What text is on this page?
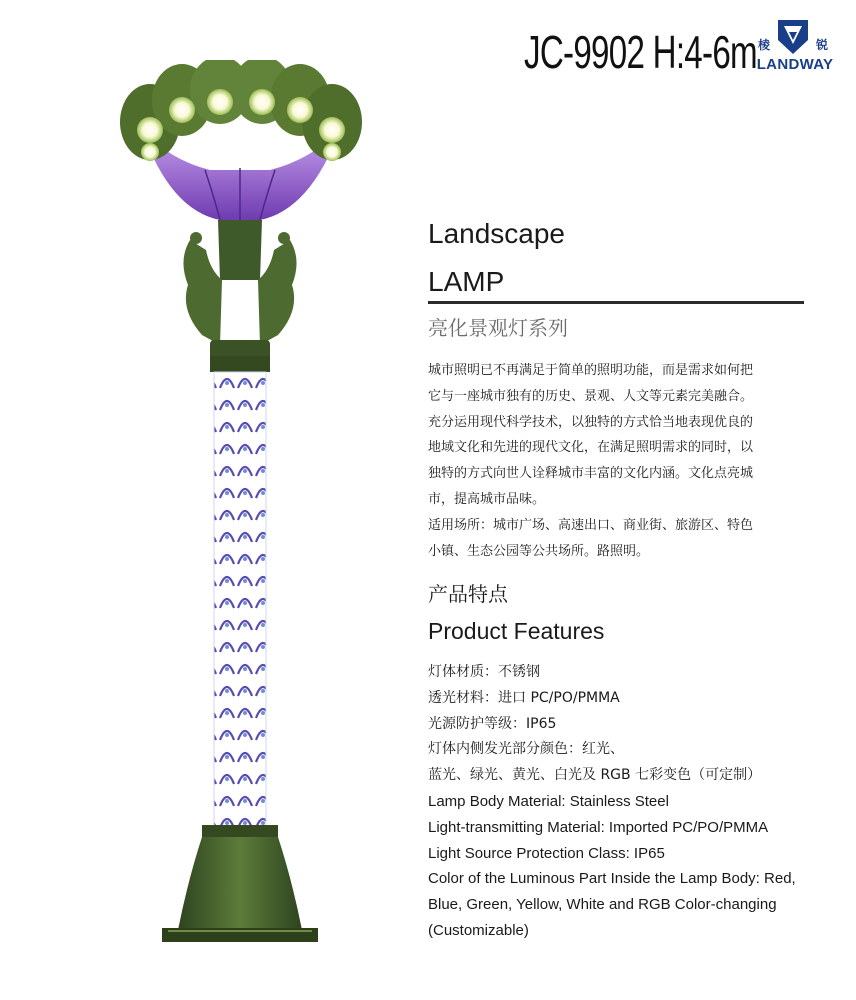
JC-9902 H:4-6m 棱	锐
LANDWAY
Landscape
LAMP
亮化景观灯系列

城市照明已不再满足于简单的照明功能，而是需求如何把

它与一座城市独有的历史、景观、人文等元素完美融合。

充分运用现代科学技术，以独特的方式恰当地表现优良的

地域文化和先进的现代文化，在满足照明需求的同时，以

独特的方式向世人诠释城市丰富的文化内涵。文化点亮城

市，提高城市品味。

适用场所：城市广场、高速出口、商业街、旅游区、特色

小镇、生态公园等公共场所。路照明。

产品特点
Product Features

灯体材质：不锈钢

透光材料：进口 PC/PO/PMMA

光源防护等级：IP65

灯体内侧发光部分颜色：红光、

蓝光、绿光、黄光、白光及 RGB 七彩变色（可定制）

Lamp Body Material: Stainless Steel

Light-transmitting Material: Imported PC/PO/PMMA

Light Source Protection Class: IP65

Color of the Luminous Part Inside the Lamp Body: Red,

Blue, Green, Yellow, White and RGB Color-changing

(Customizable)
